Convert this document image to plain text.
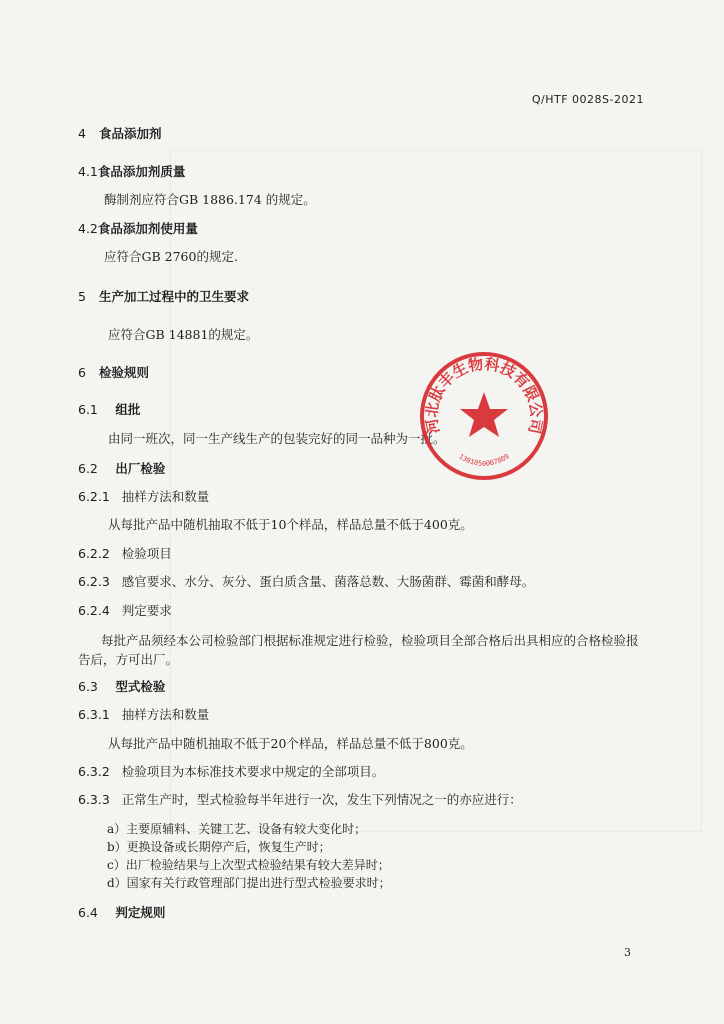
Q/HTF 0028S-2021
4 食品添加剂
4.1食品添加剂质量
酶制剂应符合GB 1886.174 的规定。
4.2食品添加剂使用量
应符合GB 2760的规定.
5 生产加工过程中的卫生要求
应符合GB 14881的规定。
6 检验规则
6.1 组批
由同一班次，同一生产线生产的包装完好的同一品种为一批。
6.2 出厂检验
6.2.1 抽样方法和数量
从每批产品中随机抽取不低于10个样品，样品总量不低于400克。
6.2.2 检验项目
6.2.3 感官要求、水分、灰分、蛋白质含量、菌落总数、大肠菌群、霉菌和酵母。
6.2.4 判定要求
每批产品须经本公司检验部门根据标准规定进行检验，检验项目全部合格后出具相应的合格检验报
告后，方可出厂。
6.3 型式检验
6.3.1 抽样方法和数量
从每批产品中随机抽取不低于20个样品，样品总量不低于800克。
6.3.2 检验项目为本标准技术要求中规定的全部项目。
6.3.3 正常生产时，型式检验每半年进行一次，发生下列情况之一的亦应进行：
a）主要原辅料、关键工艺、设备有较大变化时；
b）更换设备或长期停产后，恢复生产时；
c）出厂检验结果与上次型式检验结果有较大差异时；
d）国家有关行政管理部门提出进行型式检验要求时；
6.4 判定规则
河北肽丰生物科技有限公司
1301050007809
3
